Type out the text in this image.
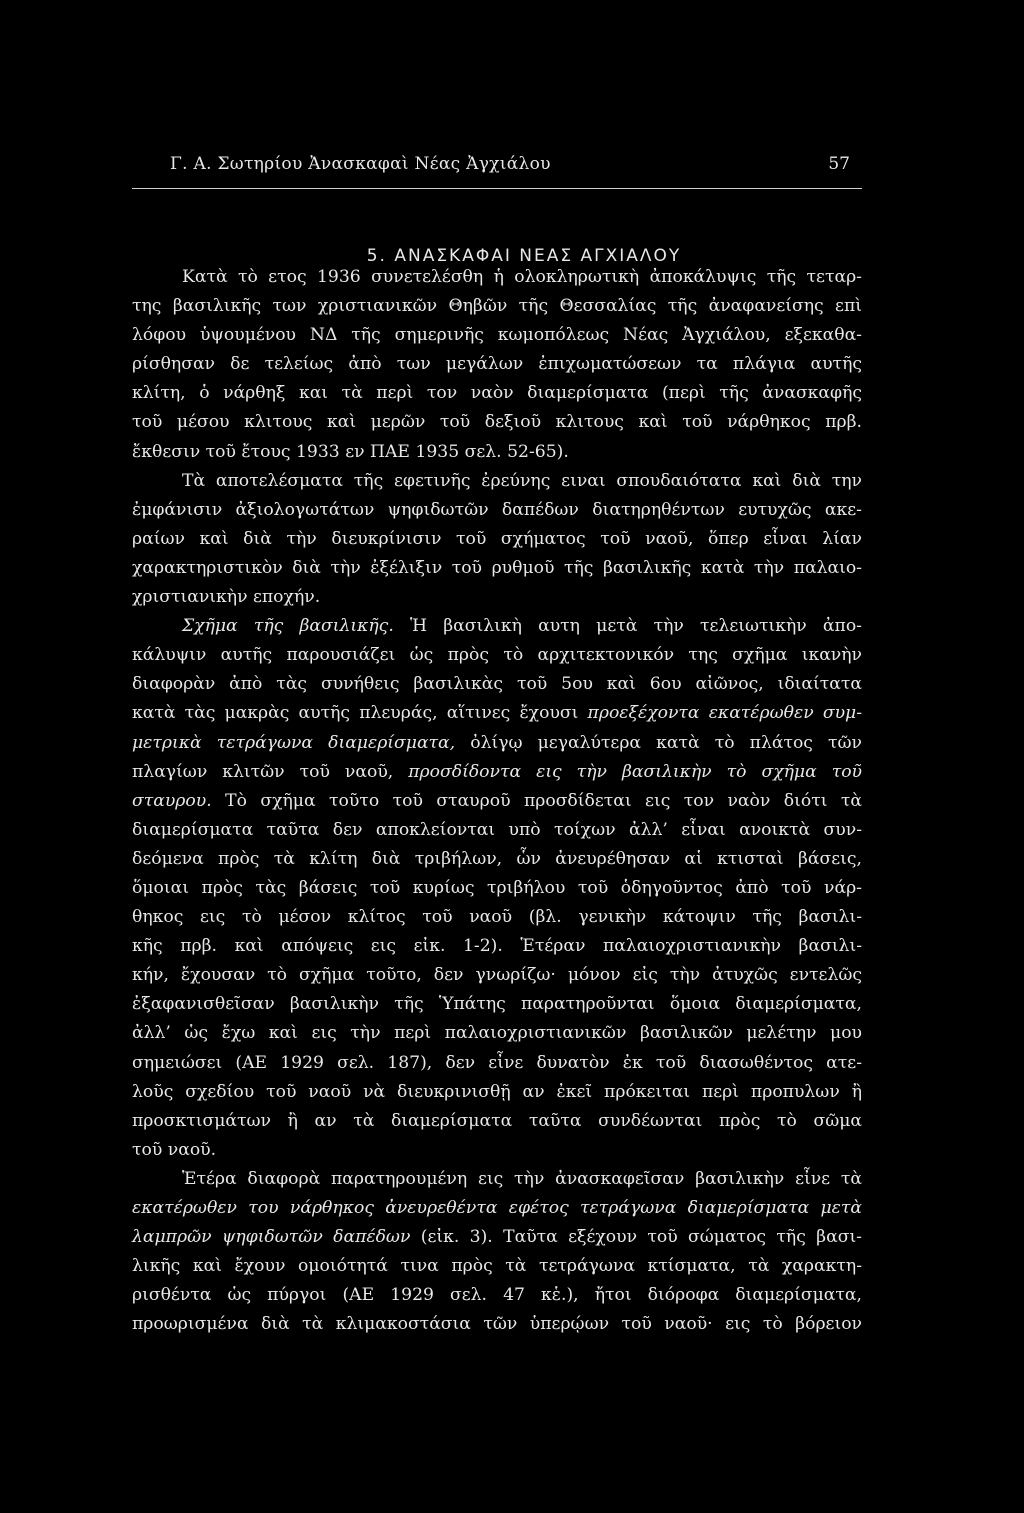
Γ. Α. Σωτηρίου Ἀνασκαφαὶ Νέας Ἀγχιάλου	57
5. ΑΝΑΣΚΑΦΑΙ ΝΕΑΣ ΑΓΧΙΑΛΟΥ
Κατὰ τὸ ετος 1936 συνετελέσθη ἡ ολοκληρωτικὴ ἀποκάλυψις τῆς τεταρ-
της βασιλικῆς των χριστιανικῶν Θηβῶν τῆς Θεσσαλίας τῆς ἀναφανείσης επὶ
λόφου ὑψουμένου ΝΔ τῆς σημερινῆς κωμοπόλεως Νέας Ἀγχιάλου, εξεκαθα-
ρίσθησαν δε τελείως ἀπὸ των μεγάλων ἐπιχωματώσεων τα πλάγια αυτῆς
κλίτη, ὁ νάρθηξ και τὰ περὶ τον ναὸν διαμερίσματα (περὶ τῆς ἀνασκαφῆς
τοῦ μέσου κλιτους καὶ μερῶν τοῦ δεξιοῦ κλιτους καὶ τοῦ νάρθηκος πρβ.
ἔκθεσιν τοῦ ἔτους 1933 εν ΠΑΕ 1935 σελ. 52-65).
Τὰ αποτελέσματα τῆς εφετινῆς ἐρεύνης ειναι σπουδαιότατα καὶ διὰ την
ἐμφάνισιν ἀξιολογωτάτων ψηφιδωτῶν δαπέδων διατηρηθέντων ευτυχῶς ακε-
ραίων καὶ διὰ τὴν διευκρίνισιν τοῦ σχήματος τοῦ ναοῦ, ὅπερ εἶναι λίαν
χαρακτηριστικὸν διὰ τὴν ἐξέλιξιν τοῦ ρυθμοῦ τῆς βασιλικῆς κατὰ τὴν παλαιο-
χριστιανικὴν εποχήν.
Σχῆμα τῆς βασιλικῆς. Ἡ βασιλικὴ αυτη μετὰ τὴν τελειωτικὴν ἀπο-
κάλυψιν αυτῆς παρουσιάζει ὡς πρὸς τὸ αρχιτεκτονικόν της σχῆμα ικανὴν
διαφορὰν ἀπὸ τὰς συνήθεις βασιλικὰς τοῦ 5ου καὶ 6ου αἰῶνος, ιδιαίτατα
κατὰ τὰς μακρὰς αυτῆς πλευράς, αἵτινες ἔχουσι προεξέχοντα εκατέρωθεν συμ-
μετρικὰ τετράγωνα διαμερίσματα, ὀλίγῳ μεγαλύτερα κατὰ τὸ πλάτος τῶν
πλαγίων κλιτῶν τοῦ ναοῦ, προσδίδοντα εις τὴν βασιλικὴν τὸ σχῆμα τοῦ
σταυρου. Τὸ σχῆμα τοῦτο τοῦ σταυροῦ προσδίδεται εις τον ναὸν διότι τὰ
διαμερίσματα ταῦτα δεν αποκλείονται υπὸ τοίχων ἀλλ’ εἶναι ανοικτὰ συν-
δεόμενα πρὸς τὰ κλίτη διὰ τριβήλων, ὧν ἀνευρέθησαν αἱ κτισταὶ βάσεις,
ὅμοιαι πρὸς τὰς βάσεις τοῦ κυρίως τριβήλου τοῦ ὁδηγοῦντος ἀπὸ τοῦ νάρ-
θηκος εις τὸ μέσον κλίτος τοῦ ναοῦ (βλ. γενικὴν κάτοψιν τῆς βασιλι-
κῆς πρβ. καὶ απόψεις εις εἰκ. 1-2). Ἑτέραν παλαιοχριστιανικὴν βασιλι-
κήν, ἔχουσαν τὸ σχῆμα τοῦτο, δεν γνωρίζω· μόνον εἰς τὴν ἀτυχῶς εντελῶς
ἐξαφανισθεῖσαν βασιλικὴν τῆς Ὑπάτης παρατηροῦνται ὅμοια διαμερίσματα,
ἀλλ’ ὡς ἔχω καὶ εις τὴν περὶ παλαιοχριστιανικῶν βασιλικῶν μελέτην μου
σημειώσει (ΑΕ 1929 σελ. 187), δεν εἶνε δυνατὸν ἐκ τοῦ διασωθέντος ατε-
λοῦς σχεδίου τοῦ ναοῦ νὰ διευκρινισθῇ αν ἐκεῖ πρόκειται περὶ προπυλων ἢ
προσκτισμάτων ἢ αν τὰ διαμερίσματα ταῦτα συνδέωνται πρὸς τὸ σῶμα
τοῦ ναοῦ.
Ἑτέρα διαφορὰ παρατηρουμένη εις τὴν ἀνασκαφεῖσαν βασιλικὴν εἶνε τὰ
εκατέρωθεν του νάρθηκος ἀνευρεθέντα εφέτος τετράγωνα διαμερίσματα μετὰ
λαμπρῶν ψηφιδωτῶν δαπέδων (εἰκ. 3). Ταῦτα εξέχουν τοῦ σώματος τῆς βασι-
λικῆς καὶ ἔχουν ομοιότητά τινα πρὸς τὰ τετράγωνα κτίσματα, τὰ χαρακτη-
ρισθέντα ὡς πύργοι (ΑΕ 1929 σελ. 47 κἑ.), ἤτοι διόροφα διαμερίσματα,
προωρισμένα διὰ τὰ κλιμακοστάσια τῶν ὑπερῴων τοῦ ναοῦ· εις τὸ βόρειον
